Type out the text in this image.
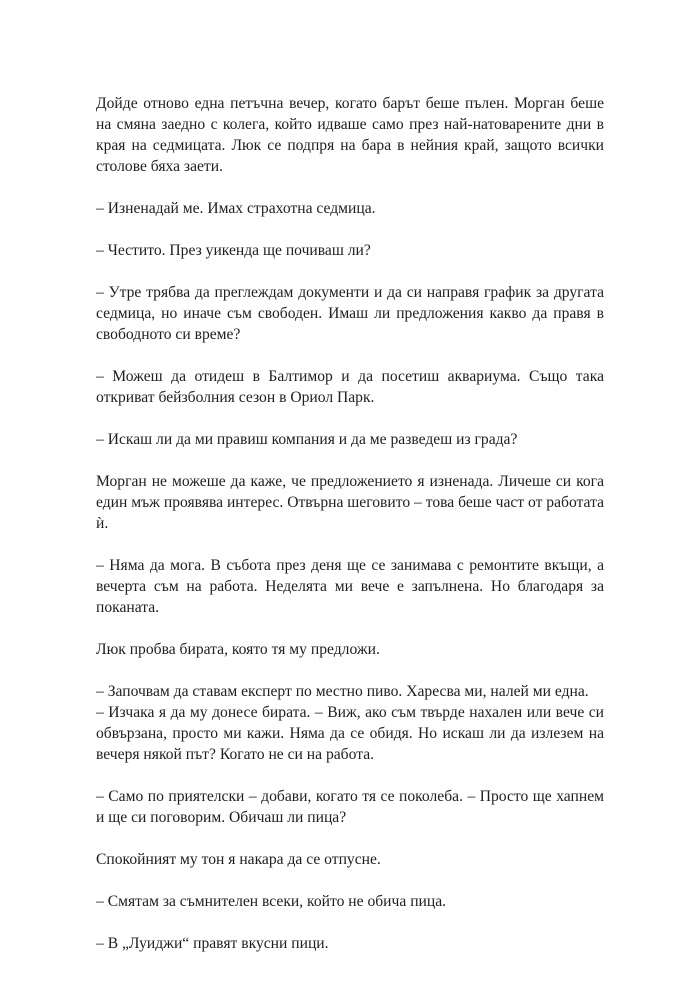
Дойде отново една петъчна вечер, когато барът беше пълен. Морган беше на смяна заедно с колега, който идваше само през най-натоварените дни в края на седмицата. Люк се подпря на бара в нейния край, защото всички столове бяха заети.

– Изненадай ме. Имах страхотна седмица.

– Честито. През уикенда ще почиваш ли?

– Утре трябва да преглеждам документи и да си направя график за другата седмица, но иначе съм свободен. Имаш ли предложения какво да правя в свободното си време?

– Можеш да отидеш в Балтимор и да посетиш аквариума. Също така откриват бейзболния сезон в Ориол Парк.

– Искаш ли да ми правиш компания и да ме разведеш из града?

Морган не можеше да каже, че предложението я изненада. Личеше си кога един мъж проявява интерес. Отвърна шеговито – това беше част от работата ѝ.

– Няма да мога. В събота през деня ще се занимава с ремонтите вкъщи, а вечерта съм на работа. Неделята ми вече е запълнена. Но благодаря за поканата.

Люк пробва бирата, която тя му предложи.

– Започвам да ставам експерт по местно пиво. Харесва ми, налей ми една.

– Изчака я да му донесе бирата. – Виж, ако съм твърде нахален или вече си обвързана, просто ми кажи. Няма да се обидя. Но искаш ли да излезем на вечеря някой път? Когато не си на работа.

– Само по приятелски – добави, когато тя се поколеба. – Просто ще хапнем и ще си поговорим. Обичаш ли пица?

Спокойният му тон я накара да се отпусне.

– Смятам за съмнителен всеки, който не обича пица.

– В „Луиджи“ правят вкусни пици.
